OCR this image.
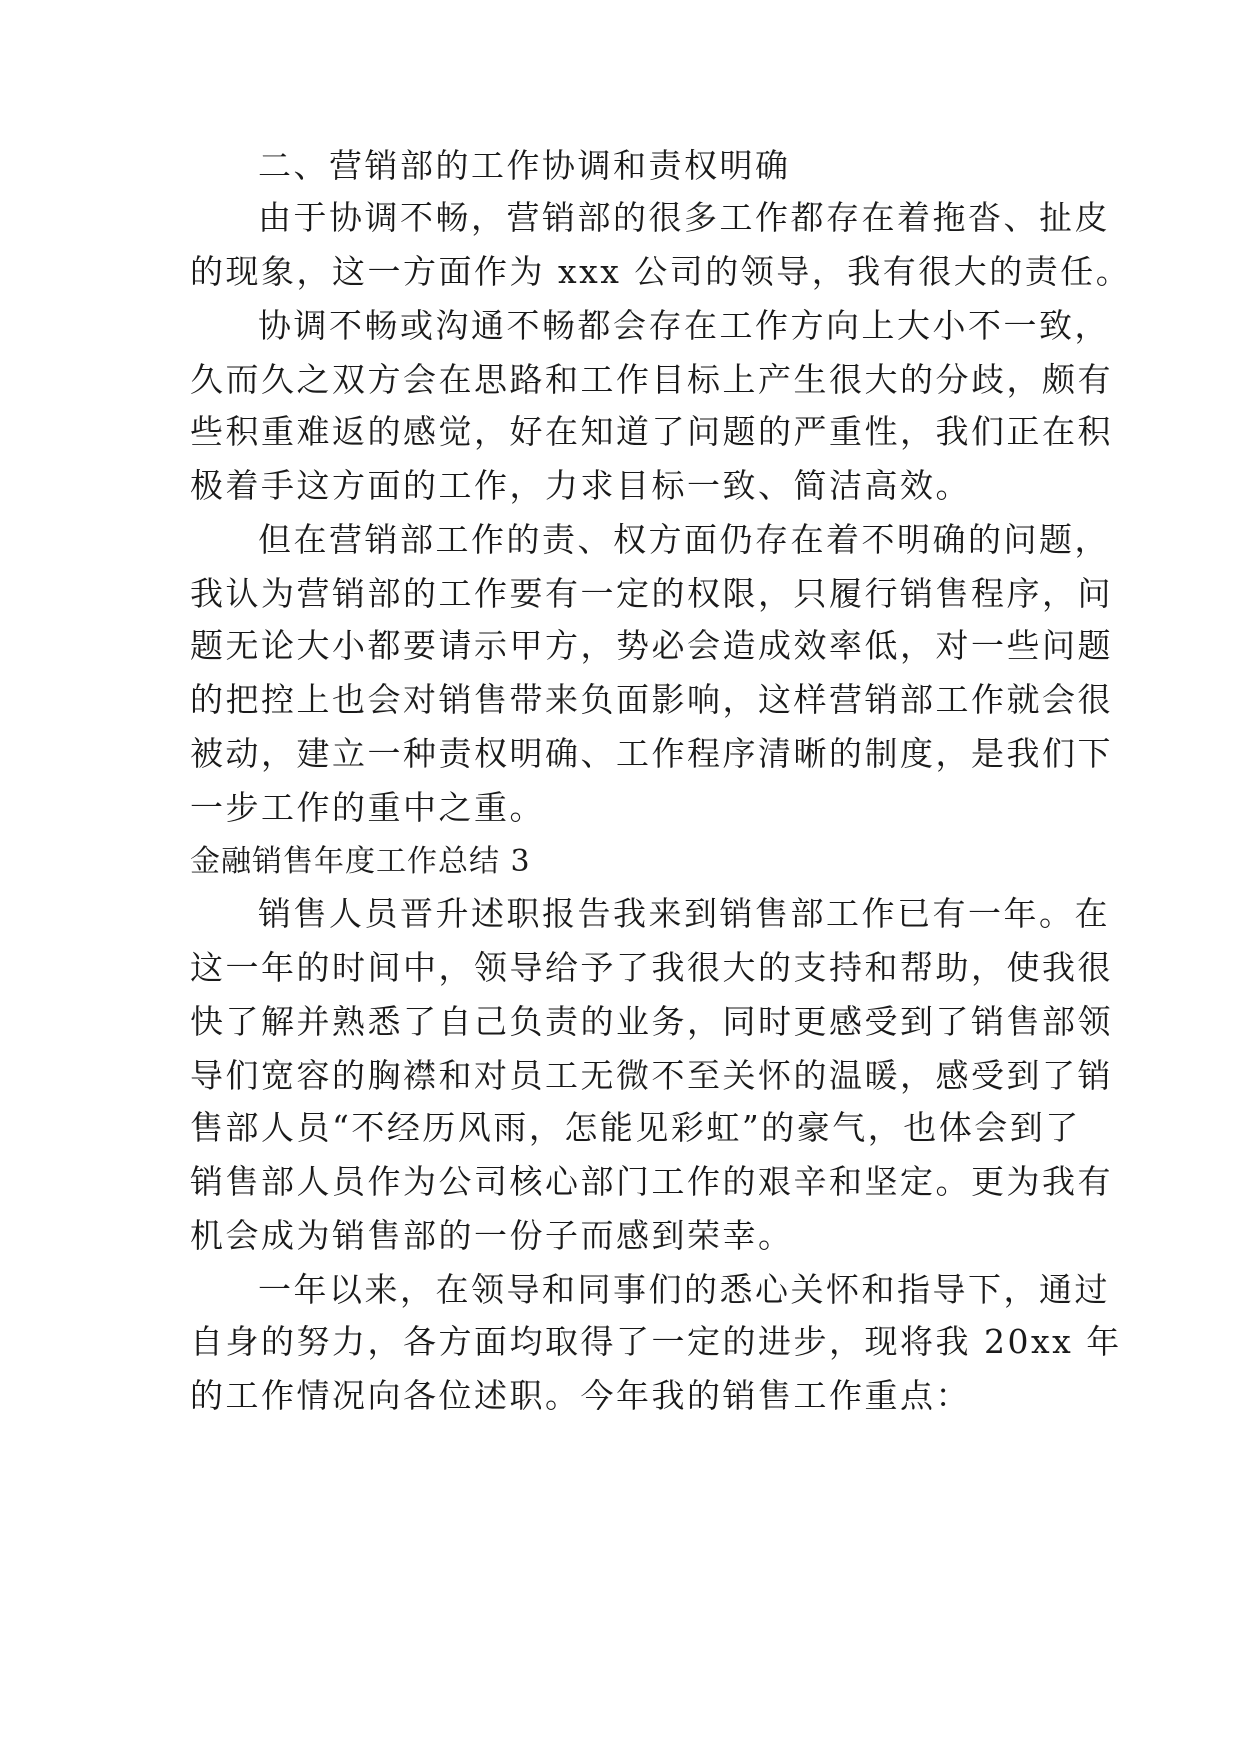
二、营销部的工作协调和责权明确
由于协调不畅，营销部的很多工作都存在着拖沓、扯皮
的现象，这一方面作为 xxx 公司的领导，我有很大的责任。
协调不畅或沟通不畅都会存在工作方向上大小不一致，
久而久之双方会在思路和工作目标上产生很大的分歧，颇有
些积重难返的感觉，好在知道了问题的严重性，我们正在积
极着手这方面的工作，力求目标一致、简洁高效。
但在营销部工作的责、权方面仍存在着不明确的问题，
我认为营销部的工作要有一定的权限，只履行销售程序，问
题无论大小都要请示甲方，势必会造成效率低，对一些问题
的把控上也会对销售带来负面影响，这样营销部工作就会很
被动，建立一种责权明确、工作程序清晰的制度，是我们下
一步工作的重中之重。
金融销售年度工作总结 3
销售人员晋升述职报告我来到销售部工作已有一年。在
这一年的时间中，领导给予了我很大的支持和帮助，使我很
快了解并熟悉了自己负责的业务，同时更感受到了销售部领
导们宽容的胸襟和对员工无微不至关怀的温暖，感受到了销
售部人员“不经历风雨，怎能见彩虹”的豪气，也体会到了
销售部人员作为公司核心部门工作的艰辛和坚定。更为我有
机会成为销售部的一份子而感到荣幸。
一年以来，在领导和同事们的悉心关怀和指导下，通过
自身的努力，各方面均取得了一定的进步，现将我 20xx 年
的工作情况向各位述职。今年我的销售工作重点：
